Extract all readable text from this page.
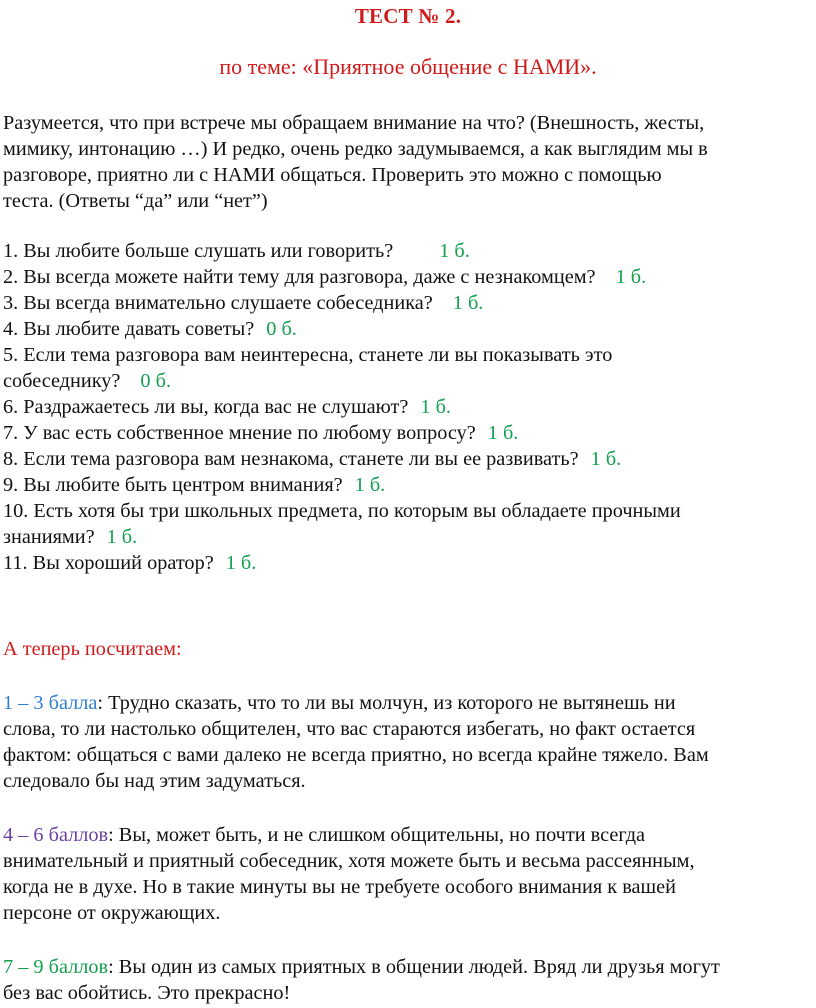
ТЕСТ № 2.
по теме: «Приятное общение с НАМИ».
Разумеется, что при встрече мы обращаем внимание на что? (Внешность, жесты,
мимику, интонацию …) И редко, очень редко задумываемся, а как выглядим мы в
разговоре, приятно ли с НАМИ общаться. Проверить это можно с помощью
теста. (Ответы “да” или “нет”)
1. Вы любите больше слушать или говорить? 1 б.
2. Вы всегда можете найти тему для разговора, даже с незнакомцем? 1 б.
3. Вы всегда внимательно слушаете собеседника? 1 б.
4. Вы любите давать советы? 0 б.
5. Если тема разговора вам неинтересна, станете ли вы показывать это
собеседнику? 0 б.
6. Раздражаетесь ли вы, когда вас не слушают? 1 б.
7. У вас есть собственное мнение по любому вопросу? 1 б.
8. Если тема разговора вам незнакома, станете ли вы ее развивать? 1 б.
9. Вы любите быть центром внимания? 1 б.
10. Есть хотя бы три школьных предмета, по которым вы обладаете прочными
знаниями? 1 б.
11. Вы хороший оратор? 1 б.
А теперь посчитаем:
1 – 3 балла: Трудно сказать, что то ли вы молчун, из которого не вытянешь ни
слова, то ли настолько общителен, что вас стараются избегать, но факт остается
фактом: общаться с вами далеко не всегда приятно, но всегда крайне тяжело. Вам
следовало бы над этим задуматься.
4 – 6 баллов: Вы, может быть, и не слишком общительны, но почти всегда
внимательный и приятный собеседник, хотя можете быть и весьма рассеянным,
когда не в духе. Но в такие минуты вы не требуете особого внимания к вашей
персоне от окружающих.
7 – 9 баллов: Вы один из самых приятных в общении людей. Вряд ли друзья могут
без вас обойтись. Это прекрасно!
